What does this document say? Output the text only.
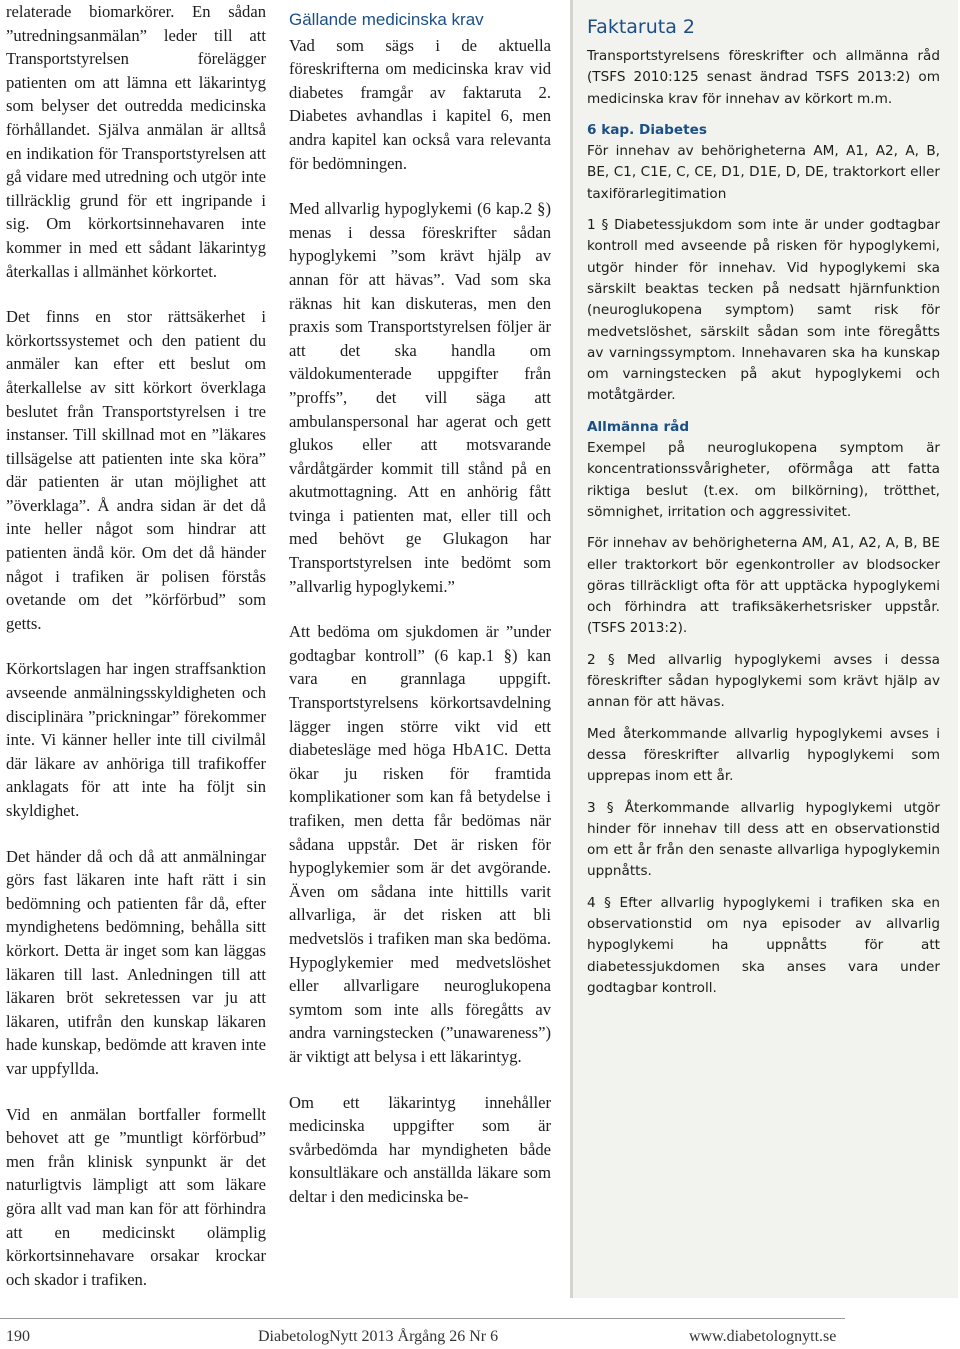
relaterade biomarkörer. En sådan ”utredningsanmälan” leder till att Transportstyrelsen förelägger patienten om att lämna ett läkarintyg som belyser det outredda medicinska förhållandet. Själva anmälan är alltså en indikation för Transportstyrelsen att gå vidare med utredning och utgör inte tillräcklig grund för ett ingripande i sig. Om körkortsinnehavaren inte kommer in med ett sådant läkarintyg återkallas i allmänhet körkortet.

Det finns en stor rättsäkerhet i körkortssystemet och den patient du anmäler kan efter ett beslut om återkallelse av sitt körkort överklaga beslutet från Transportstyrelsen i tre instanser. Till skillnad mot en ”läkares tillsägelse att patienten inte ska köra” där patienten är utan möjlighet att ”överklaga”. Å andra sidan är det då inte heller något som hindrar att patienten ändå kör. Om det då händer något i trafiken är polisen förstås ovetande om det ”körförbud” som getts.

Körkortslagen har ingen straffsanktion avseende anmälningsskyldigheten och disciplinära ”prickningar” förekommer inte. Vi känner heller inte till civilmål där läkare av anhöriga till trafikoffer anklagats för att inte ha följt sin skyldighet.

Det händer då och då att anmälningar görs fast läkaren inte haft rätt i sin bedömning och patienten får då, efter myndighetens bedömning, behålla sitt körkort. Detta är inget som kan läggas läkaren till last. Anledningen till att läkaren bröt sekretessen var ju att läkaren, utifrån den kunskap läkaren hade kunskap, bedömde att kraven inte var uppfyllda.

Vid en anmälan bortfaller formellt behovet att ge ”muntligt körförbud” men från klinisk synpunkt är det naturligtvis lämpligt att som läkare göra allt vad man kan för att förhindra att en medicinskt olämplig körkortsinnehavare orsakar krockar och skador i trafiken.

Gällande medicinska krav

Vad som sägs i de aktuella föreskrifterna om medicinska krav vid diabetes framgår av faktaruta 2. Diabetes avhandlas i kapitel 6, men andra kapitel kan också vara relevanta för bedömningen.

Med allvarlig hypoglykemi (6 kap.2 §) menas i dessa föreskrifter sådan hypoglykemi ”som krävt hjälp av annan för att hävas”. Vad som ska räknas hit kan diskuteras, men den praxis som Transportstyrelsen följer är att det ska handla om väldokumenterade uppgifter från ”proffs”, det vill säga att ambulanspersonal har agerat och gett glukos eller att motsvarande vårdåtgärder kommit till stånd på en akutmottagning. Att en anhörig fått tvinga i patienten mat, eller till och med behövt ge Glukagon har Transportstyrelsen inte bedömt som ”allvarlig hypoglykemi.”

Att bedöma om sjukdomen är ”under godtagbar kontroll” (6 kap.1 §) kan vara en grannlaga uppgift. Transportstyrelsens körkortsavdelning lägger ingen större vikt vid ett diabetesläge med höga HbA1C. Detta ökar ju risken för framtida komplikationer som kan få betydelse i trafiken, men detta får bedömas när sådana uppstår. Det är risken för hypoglykemier som är det avgörande. Även om sådana inte hittills varit allvarliga, är det risken att bli medvetslös i trafiken man ska bedöma. Hypoglykemier med medvetslöshet eller allvarligare neuroglukopena symtom som inte alls föregåtts av andra varningstecken (”unawareness”) är viktigt att belysa i ett läkarintyg.

Om ett läkarintyg innehåller medicinska uppgifter som är svårbedömda har myndigheten både konsultläkare och anställda läkare som deltar i den medicinska be-

Faktaruta 2

Transportstyrelsens föreskrifter och allmänna råd (TSFS 2010:125 senast ändrad TSFS 2013:2) om medicinska krav för innehav av körkort m.m.

6 kap. Diabetes

För innehav av behörigheterna AM, A1, A2, A, B, BE, C1, C1E, C, CE, D1, D1E, D, DE, traktorkort eller taxiförarlegitimation

1 § Diabetessjukdom som inte är under godtagbar kontroll med avseende på risken för hypoglykemi, utgör hinder för innehav. Vid hypoglykemi ska särskilt beaktas tecken på nedsatt hjärnfunktion (neuroglukopena symptom) samt risk för medvetslöshet, särskilt sådan som inte föregåtts av varningssymptom. Innehavaren ska ha kunskap om varningstecken på akut hypoglykemi och motåtgärder.

Allmänna råd

Exempel på neuroglukopena symptom är koncentrationssvårigheter, oförmåga att fatta riktiga beslut (t.ex. om bilkörning), trötthet, sömnighet, irritation och aggressivitet.

För innehav av behörigheterna AM, A1, A2, A, B, BE eller traktorkort bör egenkontroller av blodsocker göras tillräckligt ofta för att upptäcka hypoglykemi och förhindra att trafiksäkerhetsrisker uppstår. (TSFS 2013:2).

2 § Med allvarlig hypoglykemi avses i dessa föreskrifter sådan hypoglykemi som krävt hjälp av annan för att hävas.

Med återkommande allvarlig hypoglykemi avses i dessa föreskrifter allvarlig hypoglykemi som upprepas inom ett år.

3 § Återkommande allvarlig hypoglykemi utgör hinder för innehav till dess att en observationstid om ett år från den senaste allvarliga hypoglykemin uppnåtts.

4 § Efter allvarlig hypoglykemi i trafiken ska en observationstid om nya episoder av allvarlig hypoglykemi ha uppnåtts för att diabetessjukdomen ska anses vara under godtagbar kontroll.

190	DiabetologNytt 2013 Årgång 26 Nr 6	www.diabetolognytt.se
